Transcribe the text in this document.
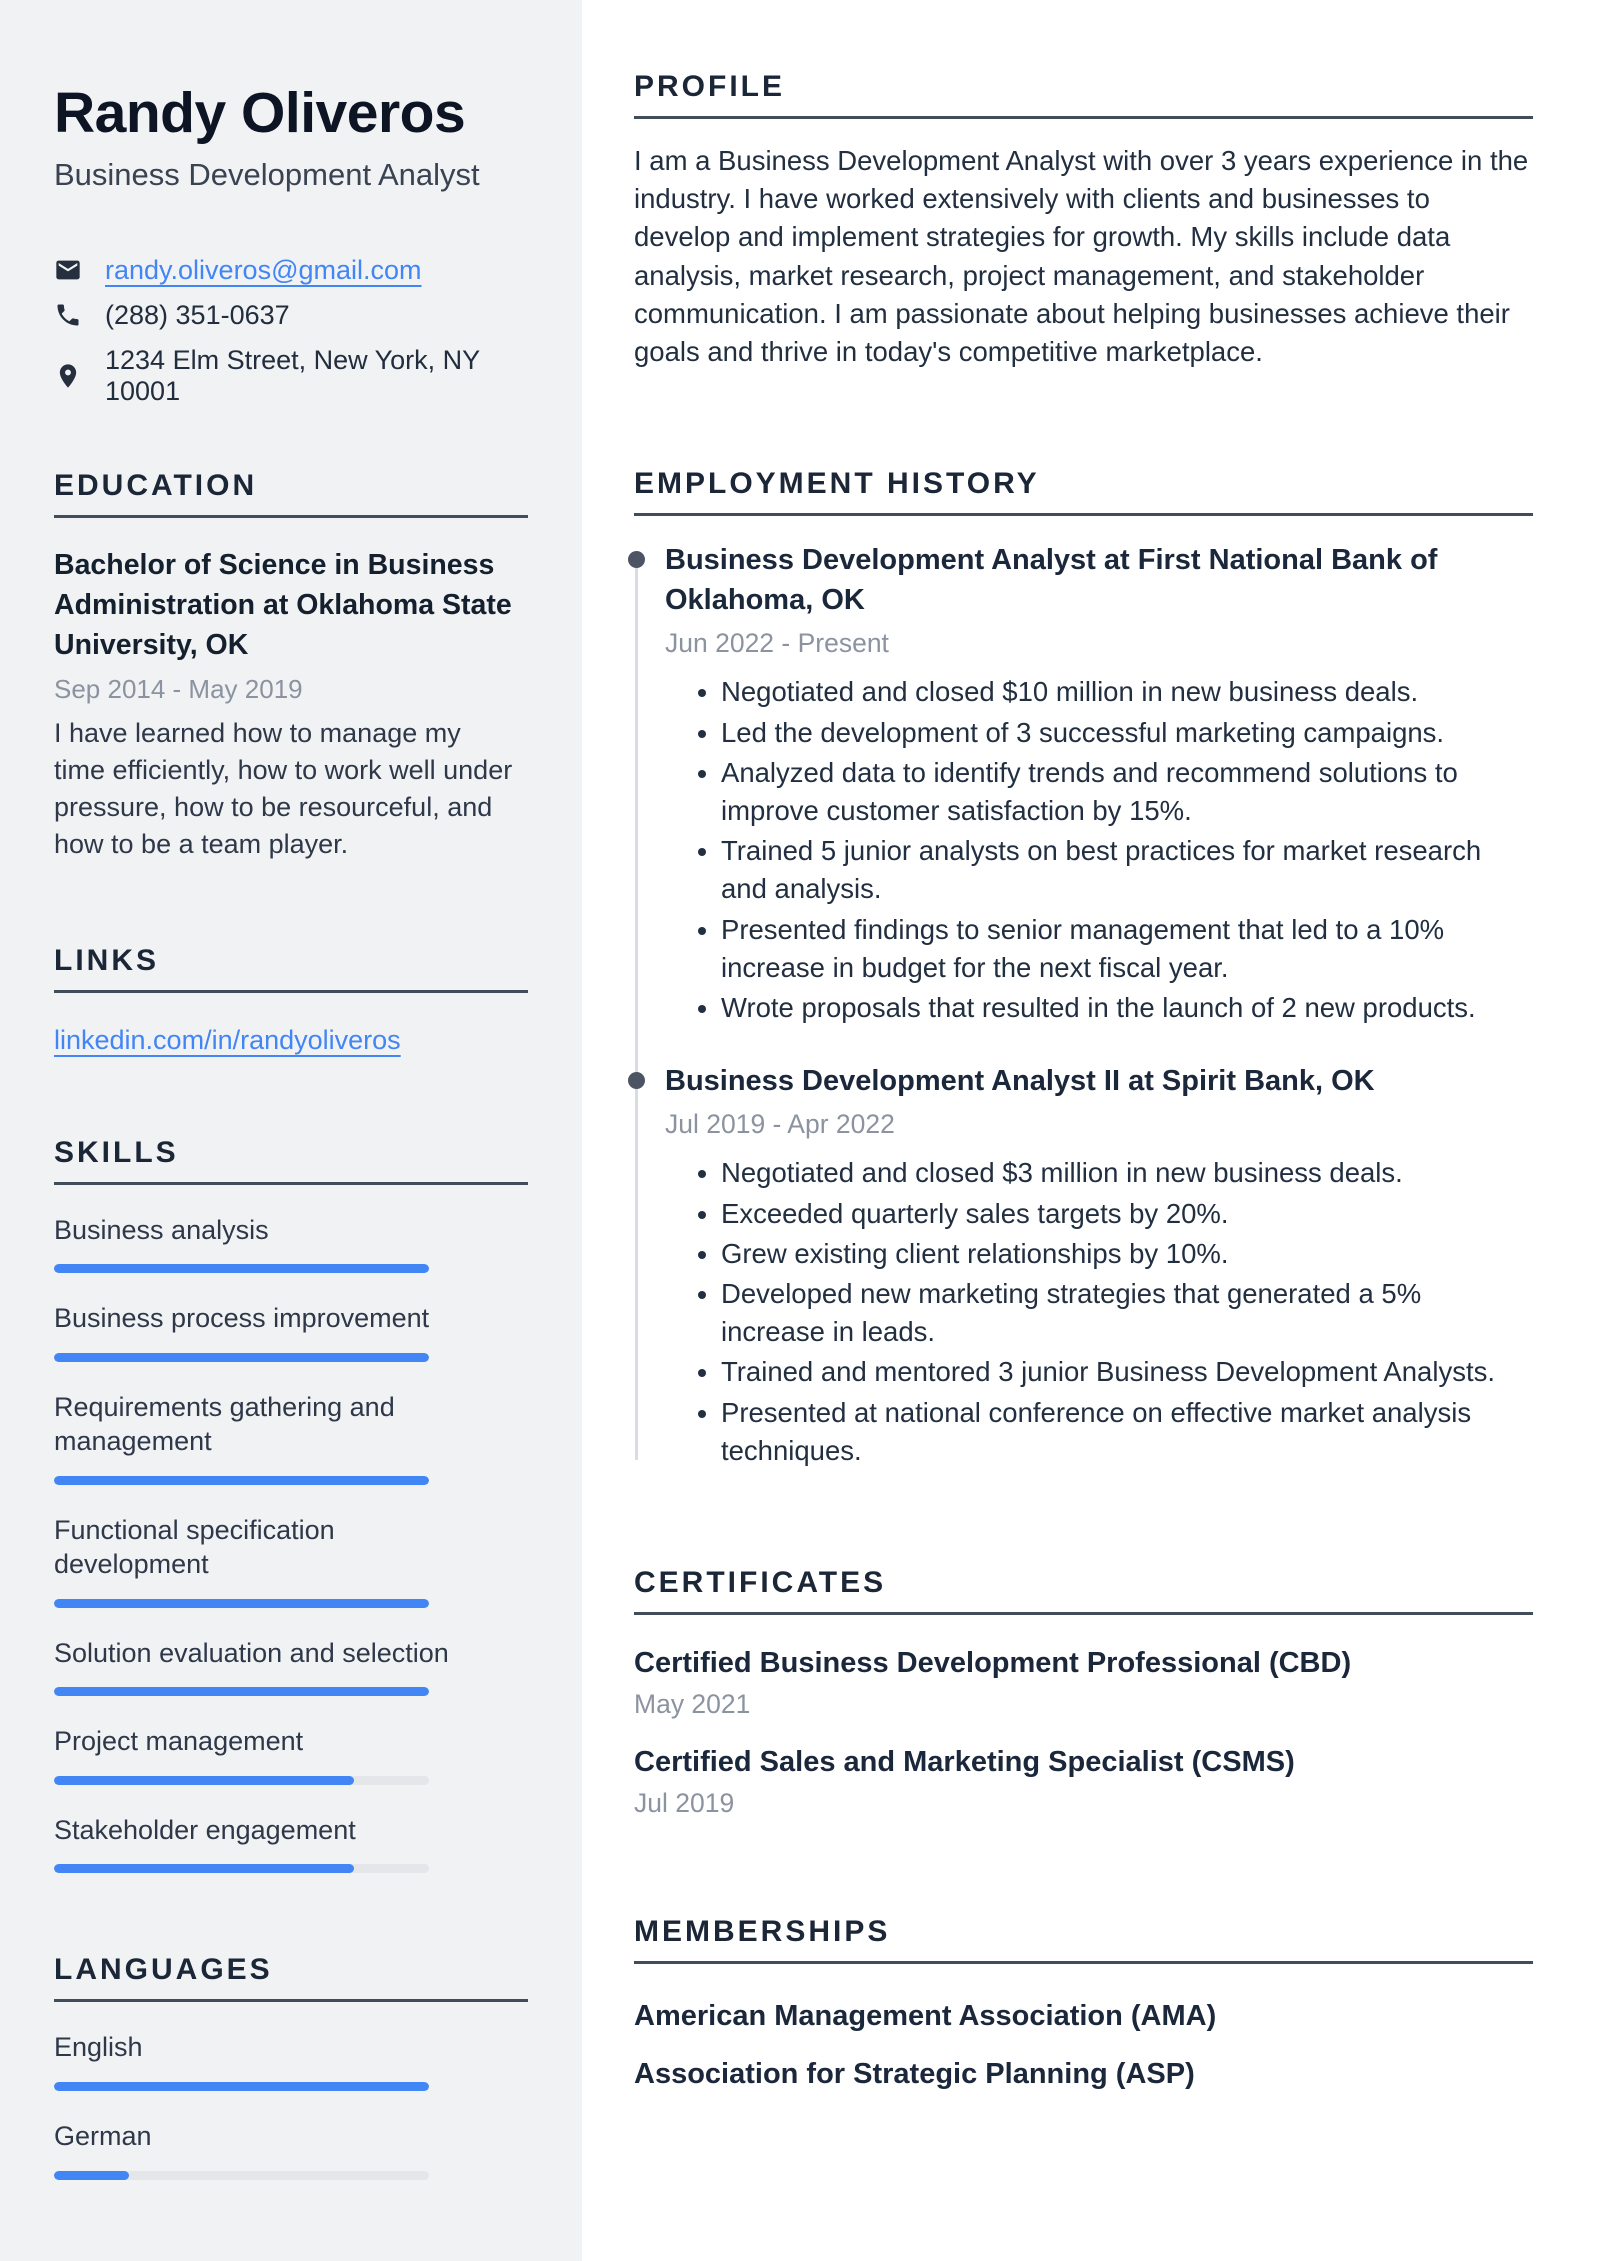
Randy Oliveros
Business Development Analyst
randy.oliveros@gmail.com
(288) 351-0637
1234 Elm Street, New York, NY 10001
EDUCATION
Bachelor of Science in Business Administration at Oklahoma State University, OK
Sep 2014 - May 2019

I have learned how to manage my time efficiently, how to work well under pressure, how to be resourceful, and how to be a team player.

LINKS
linkedin.com/in/randyoliveros
SKILLS
Business analysis
Business process improvement
Requirements gathering and management
Functional specification development
Solution evaluation and selection
Project management
Stakeholder engagement
LANGUAGES
English
German
PROFILE

I am a Business Development Analyst with over 3 years experience in the industry. I have worked extensively with clients and businesses to develop and implement strategies for growth. My skills include data analysis, market research, project management, and stakeholder communication. I am passionate about helping businesses achieve their goals and thrive in today's competitive marketplace.

EMPLOYMENT HISTORY
Business Development Analyst at First National Bank of Oklahoma, OK
Jun 2022 - Present
• Negotiated and closed $10 million in new business deals.
• Led the development of 3 successful marketing campaigns.
• Analyzed data to identify trends and recommend solutions to improve customer satisfaction by 15%.
• Trained 5 junior analysts on best practices for market research and analysis.
• Presented findings to senior management that led to a 10% increase in budget for the next fiscal year.
• Wrote proposals that resulted in the launch of 2 new products.
Business Development Analyst II at Spirit Bank, OK
Jul 2019 - Apr 2022
• Negotiated and closed $3 million in new business deals.
• Exceeded quarterly sales targets by 20%.
• Grew existing client relationships by 10%.
• Developed new marketing strategies that generated a 5% increase in leads.
• Trained and mentored 3 junior Business Development Analysts.
• Presented at national conference on effective market analysis techniques.
CERTIFICATES
Certified Business Development Professional (CBD)
May 2021
Certified Sales and Marketing Specialist (CSMS)
Jul 2019
MEMBERSHIPS
American Management Association (AMA)
Association for Strategic Planning (ASP)
